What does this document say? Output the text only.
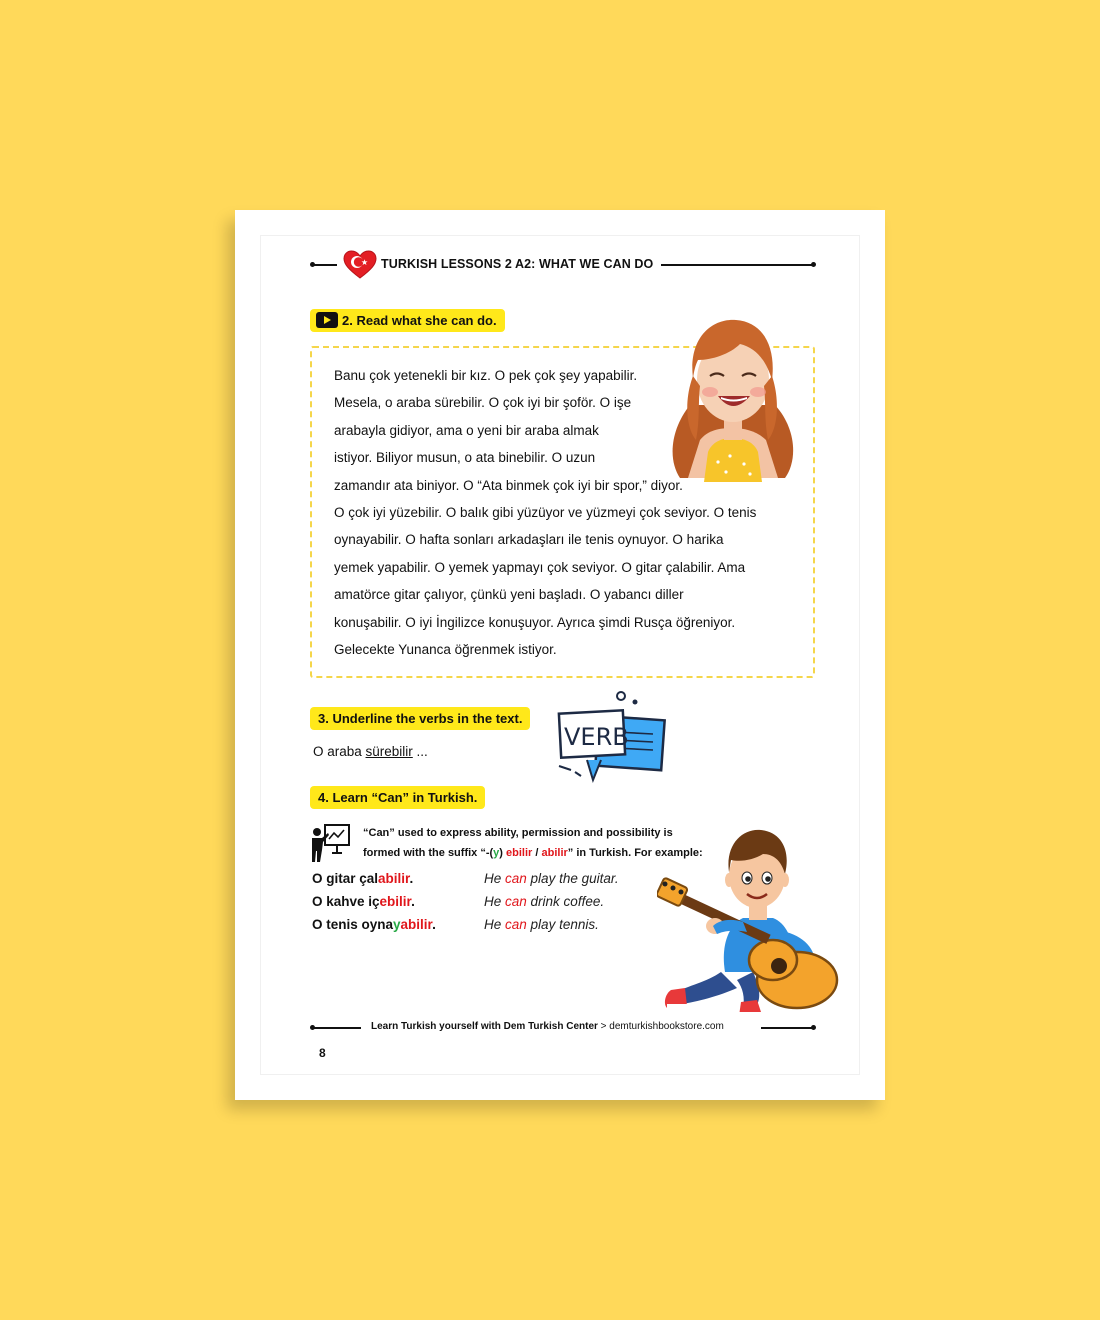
TURKISH LESSONS 2 A2: WHAT WE CAN DO
2. Read what she can do.
Banu çok yetenekli bir kız. O pek çok şey yapabilir.
Mesela, o araba sürebilir. O çok iyi bir şoför. O işe
arabayla gidiyor, ama o yeni bir araba almak
istiyor. Biliyor musun, o ata binebilir. O uzun
zamandır ata biniyor. O “Ata binmek çok iyi bir spor,” diyor.
O çok iyi yüzebilir. O balık gibi yüzüyor ve yüzmeyi çok seviyor. O tenis
oynayabilir. O hafta sonları arkadaşları ile tenis oynuyor. O harika
yemek yapabilir. O yemek yapmayı çok seviyor. O gitar çalabilir. Ama
amatörce gitar çalıyor, çünkü yeni başladı. O yabancı diller
konuşabilir. O iyi İngilizce konuşuyor. Ayrıca şimdi Rusça öğreniyor.
Gelecekte Yunanca öğrenmek istiyor.
3. Underline the verbs in the text.
O araba sürebilir ...
VERB
4. Learn “Can” in Turkish.
“Can” used to express ability, permission and possibility is
formed with the suffix “-(y) ebilir / abilir” in Turkish. For example:
O gitar çalabilir.	He can play the guitar.
O kahve içebilir.	He can drink coffee.
O tenis oynayabilir.	He can play tennis.
Learn Turkish yourself with Dem Turkish Center > demturkishbookstore.com
8
